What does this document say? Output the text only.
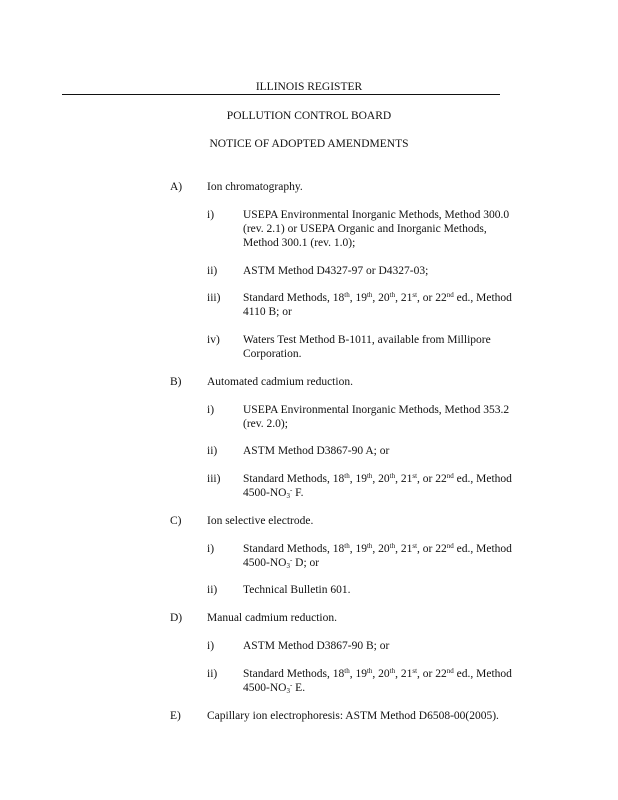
ILLINOIS REGISTER
POLLUTION CONTROL BOARD
NOTICE OF ADOPTED AMENDMENTS
A) Ion chromatography.
i)	USEPA Environmental Inorganic Methods, Method 300.0
(rev. 2.1) or USEPA Organic and Inorganic Methods,
Method 300.1 (rev. 1.0);
ii) ASTM Method D4327-97 or D4327-03;
iii) Standard Methods, 18th, 19th, 20th, 21st, or 22nd ed., Method
4110 B; or
iv) Waters Test Method B-1011, available from Millipore
Corporation.
B) Automated cadmium reduction.
i)	USEPA Environmental Inorganic Methods, Method 353.2
(rev. 2.0);
ii) ASTM Method D3867-90 A; or
iii) Standard Methods, 18th, 19th, 20th, 21st, or 22nd ed., Method
$4500-NO_3^-$ F.
C) Ion selective electrode.
i)	Standard Methods, 18th, 19th, 20th, 21st, or 22nd ed., Method
$4500-NO_3^-$ D; or
ii) Technical Bulletin 601.
D) Manual cadmium reduction.
i)	ASTM Method D3867-90 B; or
ii) Standard Methods, 18th, 19th, 20th, 21st, or 22nd ed., Method
$4500-NO_3^-$ E.
E) Capillary ion electrophoresis: ASTM Method D6508-00(2005).
